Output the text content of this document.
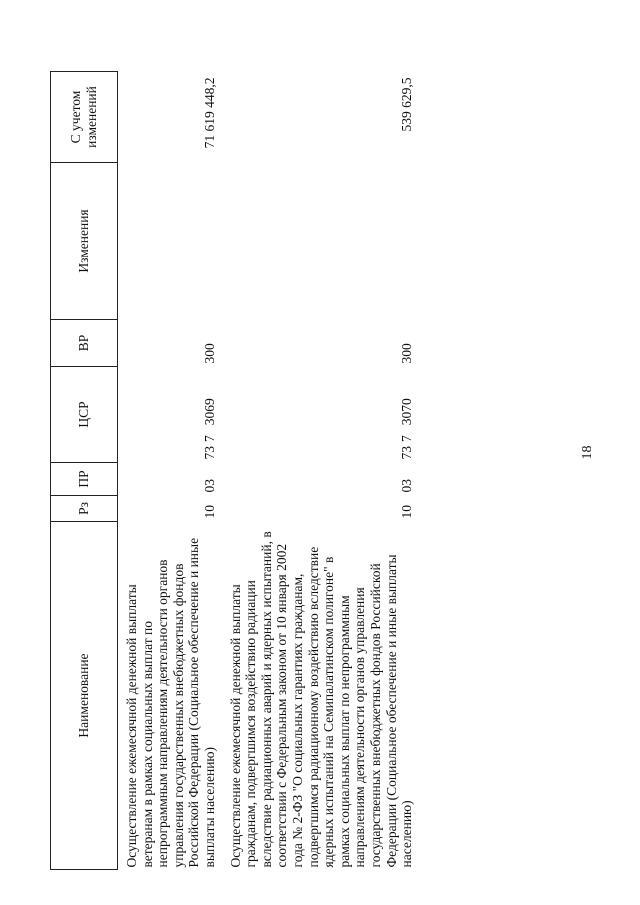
18
Наименование	Рз	ПР	ЦСР	ВР	Изменения	С учетом изменений
Осуществление ежемесячной денежной выплаты ветеранам в рамках социальных выплат по непрограммным направлениям деятельности органов управления государственных внебюджетных фондов Российской Федерации (Социальное обеспечение и иные выплаты населению)	10	03	7373069	300		71 619 448,2
Осуществление ежемесячной денежной выплаты гражданам, подвергшимся воздействию радиации вследствие радиационных аварий и ядерных испытаний, в соответствии с Федеральным законом от 10 января 2002 года № 2-ФЗ "О социальных гарантиях гражданам, подвергшимся радиационному воздействию вследствие ядерных испытаний на Семипалатинском полигоне" в рамках социальных выплат по непрограммным направлениям деятельности органов управления государственных внебюджетных фондов Российской Федерации (Социальное обеспечение и иные выплаты населению)	10	03	7373070	300		539 629,5
